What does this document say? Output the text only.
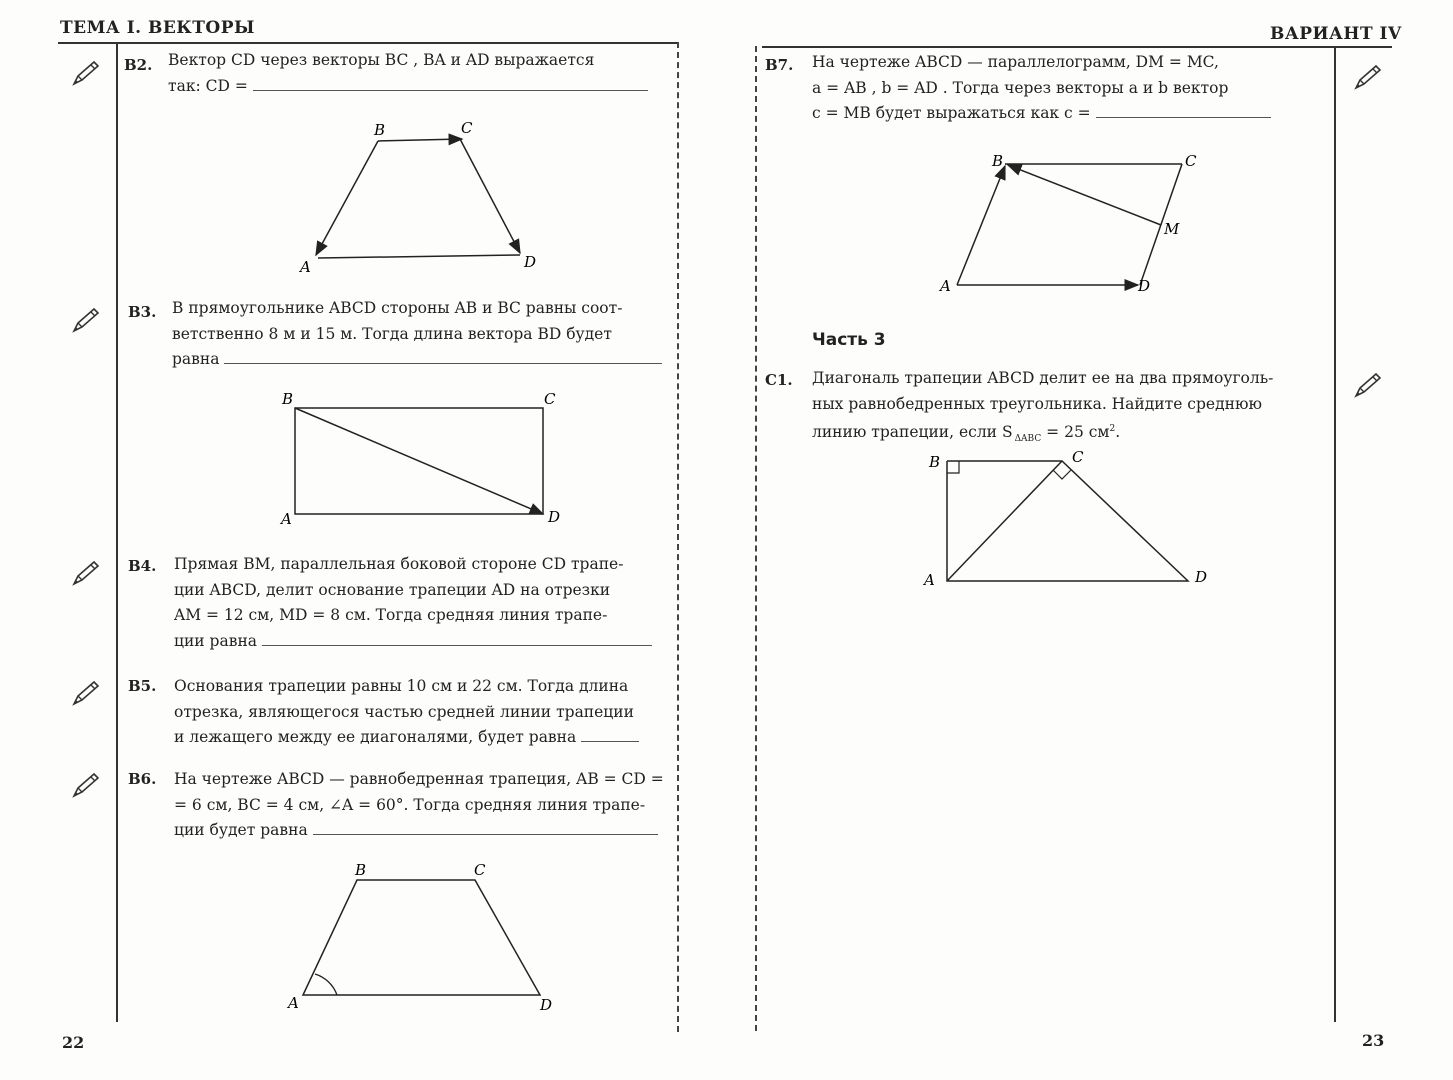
ТЕМА I. ВЕКТОРЫ	ВАРИАНТ IV
22	23
B2. Вектор CD через векторы BC , BA и AD выражается
так: CD =
B	C
A	D
B3. В прямоугольнике ABCD стороны AB и BC равны соот-
ветственно 8 м и 15 м. Тогда длина вектора BD будет
равна
B	C
A	D
B4. Прямая BM, параллельная боковой стороне CD трапе-
ции ABCD, делит основание трапеции AD на отрезки
AM = 12 см, MD = 8 см. Тогда средняя линия трапе-
ции равна
B5. Основания трапеции равны 10 см и 22 см. Тогда длина
отрезка, являющегося частью средней линии трапеции
и лежащего между ее диагоналями, будет равна
B6. На чертеже ABCD — равнобедренная трапеция, AB = CD =
= 6 см, BC = 4 см, ∠A = 60°. Тогда средняя линия трапе-
ции будет равна
B	C
A	D
B7. На чертеже ABCD — параллелограмм, DM = MC,
a = AB , b = AD . Тогда через векторы a и b вектор
c = MB будет выражаться как c =
B	C
M
A	D
Часть 3
C1. Диагональ трапеции ABCD делит ее на два прямоуголь-
ных равнобедренных треугольника. Найдите среднюю
линию трапеции, если S $_{\Delta ABC}$ = 25 $см^2$.
B	C
A	D
